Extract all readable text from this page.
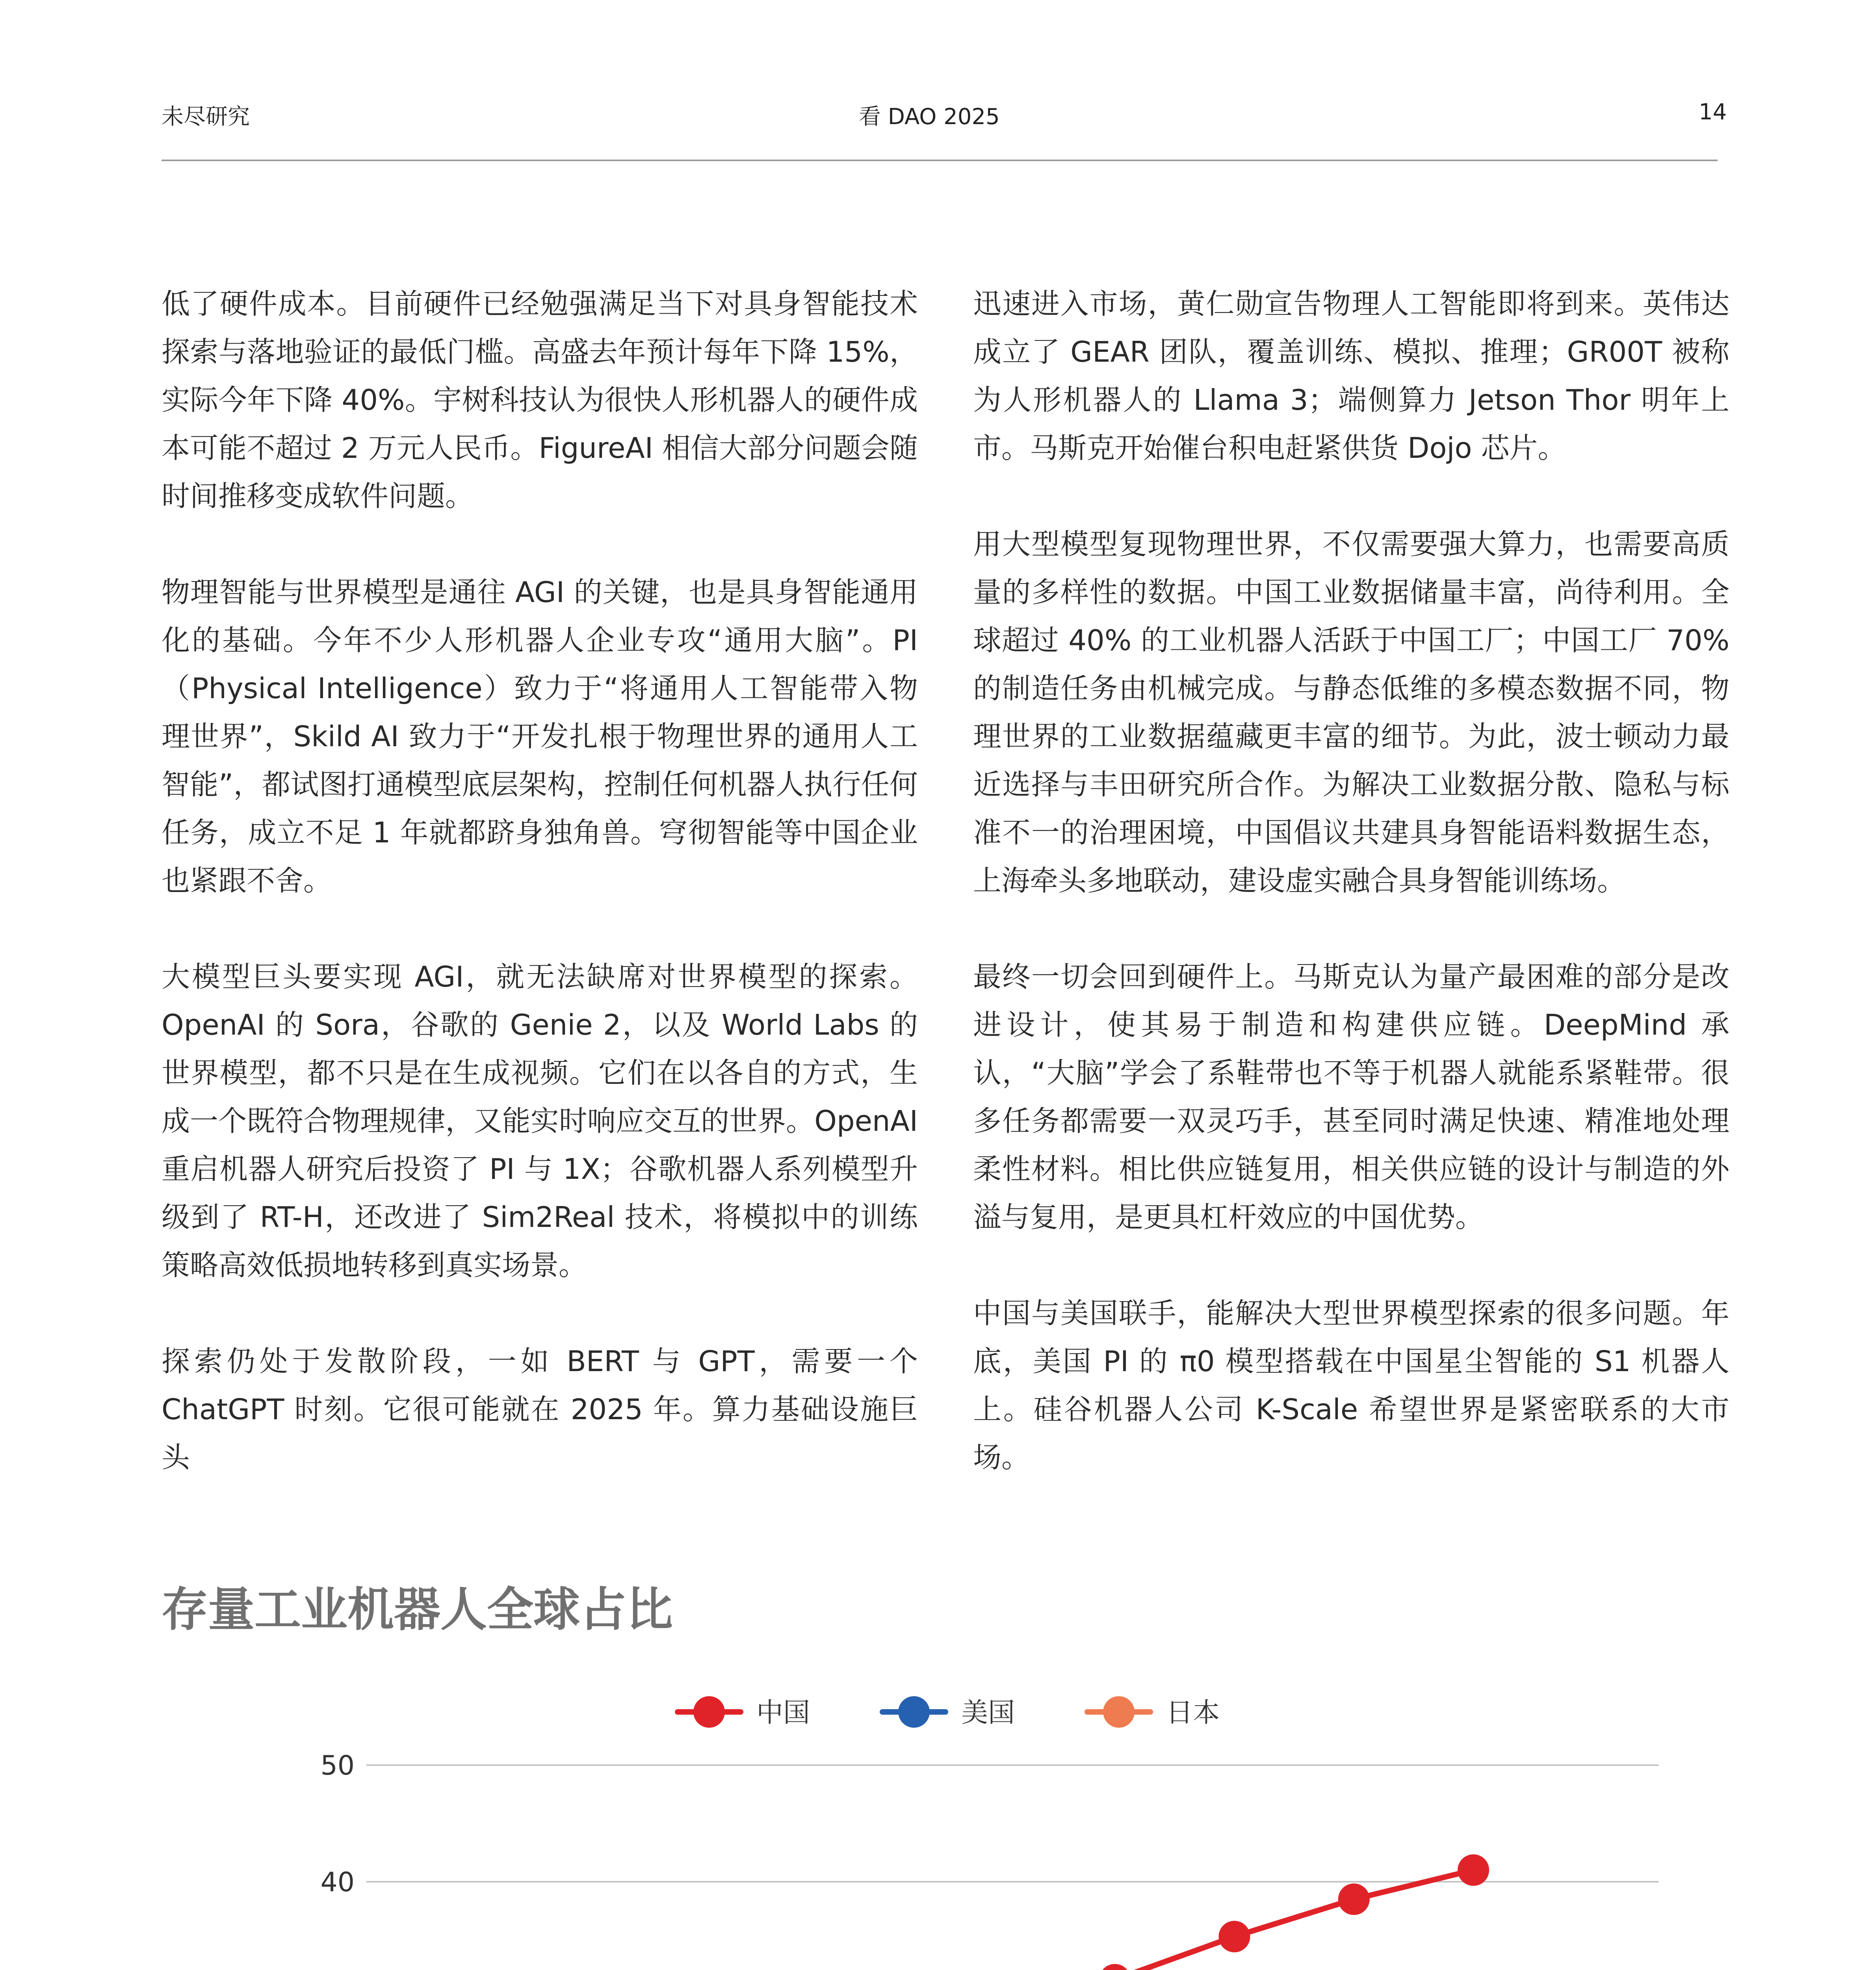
未尽研究	看 DAO 2025	14

低了硬件成本。目前硬件已经勉强满足当下对具身智能技术探索与落地验证的最低门槛。高盛去年预计每年下降 15%，实际今年下降 40%。宇树科技认为很快人形机器人的硬件成本可能不超过 2 万元人民币。FigureAI 相信大部分问题会随时间推移变成软件问题。

物理智能与世界模型是通往 AGI 的关键，也是具身智能通用化的基础。今年不少人形机器人企业专攻“通用大脑”。PI（Physical Intelligence）致力于“将通用人工智能带入物理世界”，Skild AI 致力于“开发扎根于物理世界的通用人工智能”，都试图打通模型底层架构，控制任何机器人执行任何任务，成立不足 1 年就都跻身独角兽。穹彻智能等中国企业也紧跟不舍。

大模型巨头要实现 AGI，就无法缺席对世界模型的探索。OpenAI 的 Sora，谷歌的 Genie 2，以及 World Labs 的世界模型，都不只是在生成视频。它们在以各自的方式，生成一个既符合物理规律，又能实时响应交互的世界。OpenAI 重启机器人研究后投资了 PI 与 1X；谷歌机器人系列模型升级到了 RT-H，还改进了 Sim2Real 技术，将模拟中的训练策略高效低损地转移到真实场景。

探索仍处于发散阶段，一如 BERT 与 GPT，需要一个 ChatGPT 时刻。它很可能就在 2025 年。算力基础设施巨头

迅速进入市场，黄仁勋宣告物理人工智能即将到来。英伟达成立了 GEAR 团队，覆盖训练、模拟、推理；GR00T 被称为人形机器人的 Llama 3；端侧算力 Jetson Thor 明年上市。马斯克开始催台积电赶紧供货 Dojo 芯片。

用大型模型复现物理世界，不仅需要强大算力，也需要高质量的多样性的数据。中国工业数据储量丰富，尚待利用。全球超过 40% 的工业机器人活跃于中国工厂；中国工厂 70% 的制造任务由机械完成。与静态低维的多模态数据不同，物理世界的工业数据蕴藏更丰富的细节。为此，波士顿动力最近选择与丰田研究所合作。为解决工业数据分散、隐私与标准不一的治理困境，中国倡议共建具身智能语料数据生态，上海牵头多地联动，建设虚实融合具身智能训练场。

最终一切会回到硬件上。马斯克认为量产最困难的部分是改进设计，使其易于制造和构建供应链。DeepMind 承认，“大脑”学会了系鞋带也不等于机器人就能系紧鞋带。很多任务都需要一双灵巧手，甚至同时满足快速、精准地处理柔性材料。相比供应链复用，相关供应链的设计与制造的外溢与复用，是更具杠杆效应的中国优势。

中国与美国联手，能解决大型世界模型探索的很多问题。年底，美国 PI 的 π0 模型搭载在中国星尘智能的 S1 机器人上。硅谷机器人公司 K-Scale 希望世界是紧密联系的大市场。

存量工业机器人全球占比
40
50
中国	美国	日本
